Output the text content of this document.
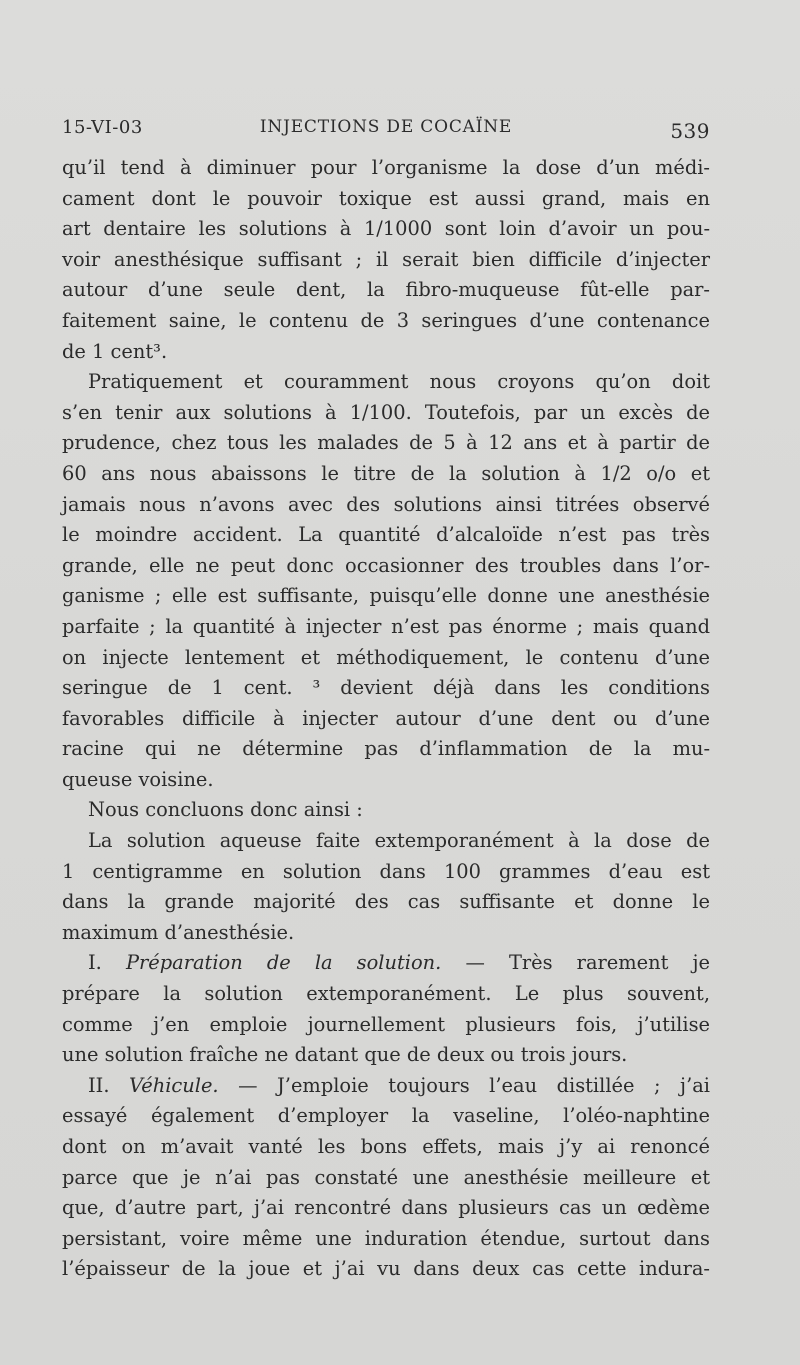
15-VI-03	INJECTIONS DE COCAÏNE	539

qu’il tend à diminuer pour l’organisme la dose d’un médi-
cament dont le pouvoir toxique est aussi grand, mais en
art dentaire les solutions à 1/1000 sont loin d’avoir un pou-
voir anesthésique suffisant ; il serait bien difficile d’injecter
autour d’une seule dent, la fibro-muqueuse fût-elle par-
faitement saine, le contenu de 3 seringues d’une contenance

de 1 cent³.

Pratiquement et couramment nous croyons qu’on doit
s’en tenir aux solutions à 1/100. Toutefois, par un excès de
prudence, chez tous les malades de 5 à 12 ans et à partir de
60 ans nous abaissons le titre de la solution à 1/2 o/o et
jamais nous n’avons avec des solutions ainsi titrées observé
le moindre accident. La quantité d’alcaloïde n’est pas très
grande, elle ne peut donc occasionner des troubles dans l’or-
ganisme ; elle est suffisante, puisqu’elle donne une anesthésie
parfaite ; la quantité à injecter n’est pas énorme ; mais quand
on injecte lentement et méthodiquement, le contenu d’une
seringue de 1 cent. ³ devient déjà dans les conditions
favorables difficile à injecter autour d’une dent ou d’une
racine qui ne détermine pas d’inflammation de la mu-

queuse voisine.

Nous concluons donc ainsi :

La solution aqueuse faite extemporanément à la dose de
1 centigramme en solution dans 100 grammes d’eau est
dans la grande majorité des cas suffisante et donne le

maximum d’anesthésie.

I. Préparation de la solution. — Très rarement je
prépare la solution extemporanément. Le plus souvent,
comme j’en emploie journellement plusieurs fois, j’utilise

une solution fraîche ne datant que de deux ou trois jours.

II. Véhicule. — J’emploie toujours l’eau distillée ; j’ai
essayé également d’employer la vaseline, l’oléo-naphtine
dont on m’avait vanté les bons effets, mais j’y ai renoncé
parce que je n’ai pas constaté une anesthésie meilleure et
que, d’autre part, j’ai rencontré dans plusieurs cas un œdème
persistant, voire même une induration étendue, surtout dans
l’épaisseur de la joue et j’ai vu dans deux cas cette indura-
